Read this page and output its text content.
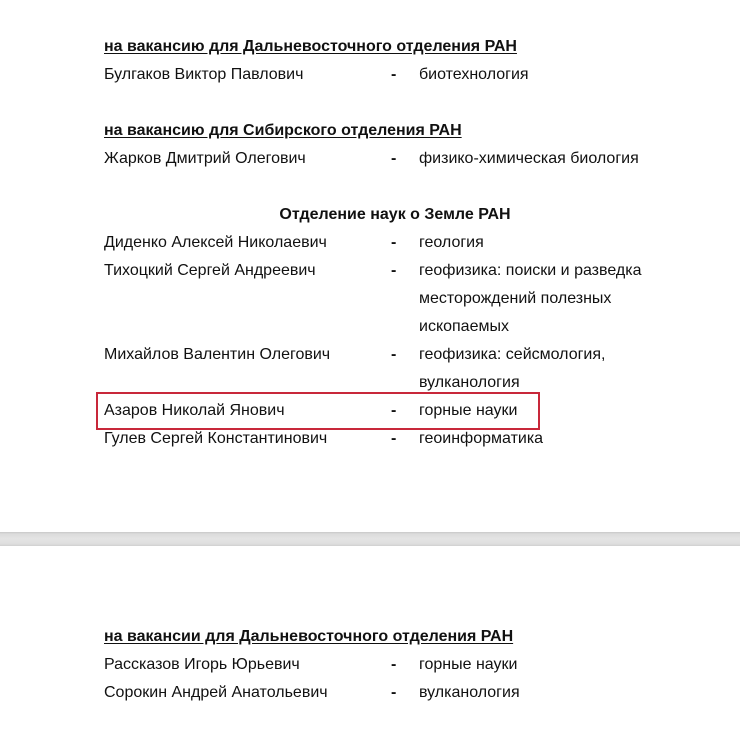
на вакансию для Дальневосточного отделения РАН
Булгаков Виктор Павлович	- биотехнология
на вакансию для Сибирского отделения РАН
Жарков Дмитрий Олегович	- физико-химическая биология
Отделение наук о Земле РАН
Диденко Алексей Николаевич	- геология
Тихоцкий Сергей Андреевич	- геофизика: поиски и разведка
месторождений полезных
ископаемых
Михайлов Валентин Олегович	- геофизика: сейсмология,
вулканология
Азаров Николай Янович	- горные науки
Гулев Сергей Константинович	- геоинформатика
на вакансии для Дальневосточного отделения РАН
Рассказов Игорь Юрьевич	- горные науки
Сорокин Андрей Анатольевич	- вулканология
